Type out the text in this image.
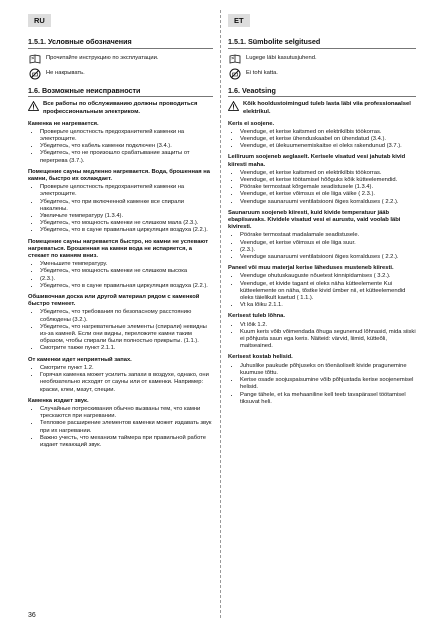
RU	ET
1.5.1. Условные обозначения
Прочитайте инструкцию по эксплуатации.
Не накрывать.
1.6. Возможные неисправности
Все работы по обслуживанию должны проводиться профессиональным электриком.
Каменка не нагревается.
• Проверьте целостность предохранителей каменки на электрощите.
• Убедитесь, что кабель каменки подключен (3.4.).
• Убедитесь, что не произошло срабатывание защиты от перегрева (3.7.).
Помещение сауны медленно нагревается. Вода, брошенная на камни, быстро их охлаждает.
• Проверьте целостность предохранителей каменки на электрощите.
• Убедитесь, что при включенной каменке все спирали накалены.
• Увеличьте температуру (1.3.4).
• Убедитесь, что мощность каменки не слишком мала (2.3.).
• Убедитесь, что в сауне правильная циркуляция воздуха (2.2.).
Помещение сауны нагревается быстро, но камни не успевают нагреваться. Брошенная на камни вода не испаряется, а стекает по камням вниз.
• Уменьшите температуру.
• Убедитесь, что мощность каменки не слишком высока
• (2.3.).
• Убедитесь, что в сауне правильная циркуляция воздуха (2.2.).
Обшивочная доска или другой материал рядом с каменкой быстро темнеет.
• Убедитесь, что требования по безопасному расстоянию соблюдены (3.2.).
• Убедитесь, что нагревательные элементы (спирали) невидны из-за камней. Если они видны, переложите камни таким образом, чтобы спирали были полностью прикрыты. (1.1.).
• Смотрите также пункт 2.1.1.
От каменки идет неприятный запах.
• Смотрите пункт 1.2.
• Горячая каменка может усилить запахи в воздухе, однако, они необязательно исходят от сауны или от каменки. Например: краски, клеи, мазут, специи.
Каменка издает звук.
• Случайные потрескивания обычно вызваны тем, что камни трескаются при нагревании.
• Тепловое расширение элементов каменки может издавать звук при их нагревании.
• Важно учесть, что механизм таймера при правильной работе издает тикающий звук.
1.5.1. Sümbolite selgitused
Lugege läbi kasutusjuhend.
Ei tohi katta.
1.6. Veaotsing
Kõik hooldustoimingud tuleb lasta läbi viia professionaalsel elektrikul.
Keris ei soojene.
• Veenduge, et kerise kaitsmed on elektrikilbis töökorras.
• Veenduge, et kerise ühenduskaabel on ühendatud (3.4.).
• Veenduge, et ülekuumenemiskaitse ei oleks rakendunud (3.7.).
Leiliruum soojeneb aeglaselt. Kerisele visatud vesi jahutab kivid kiiresti maha.
• Veenduge, et kerise kaitsmed on elektrikilbis töökorras.
• Veenduge, et kerise töötamisel hõõguks kõik kütteelemendid.
• Pöörake termostaat kõrgemale seadistusele (1.3.4).
• Veenduge, et kerise võimsus ei ole liiga väike ( 2.3.).
• Veenduge saunaruumi ventilatsiooni õiges korralduses ( 2.2.).
Saunaruum soojeneb kiiresti, kuid kivide temperatuur jääb ebapiisavaks. Kividele visatud vesi ei aurustu, vaid voolab läbi kivirestі.
• Pöörake termostaat madalamale seadistusele.
• Veenduge, et kerise võimsus ei ole liiga suur.
• (2.3.).
• Veenduge saunaruumi ventilatsiooni õiges korralduses ( 2.2.).
Paneel või muu materjal kerise läheduses musteneb kiiresti.
• Veenduge ohutuskauguste nõuetest kinnipidamises ( 3.2.).
• Veenduge, et kivide tagant ei oleks näha kütteelemente Kui kütteelemente on näha, tõstke kivid ümber nii, et kütteelemendid oleks täielikult kaetud ( 1.1.).
• Vt ka lõiku 2.1.1.
Kerisest tuleb lõhna.
• Vt lõik 1.2.
• Kuum keris võib võimendada õhuga segunenud lõhnasid, mida siiski ei põhjusta saun ega keris. Näiteid: värvid, liimid, kütteõli, maitseained.
Kerisest kostab helisid.
• Juhuslike paukude põhjuseks on tõenäoliselt kivide praguneminе kuumuse tõttu.
• Kerise osade soojuspaisumine võib põhjustada kerise soojenemisel helisid.
• Pange tähele, et ka mehaaniline kell teeb tavapärasel töötamisel tiksuvat heli.
36
